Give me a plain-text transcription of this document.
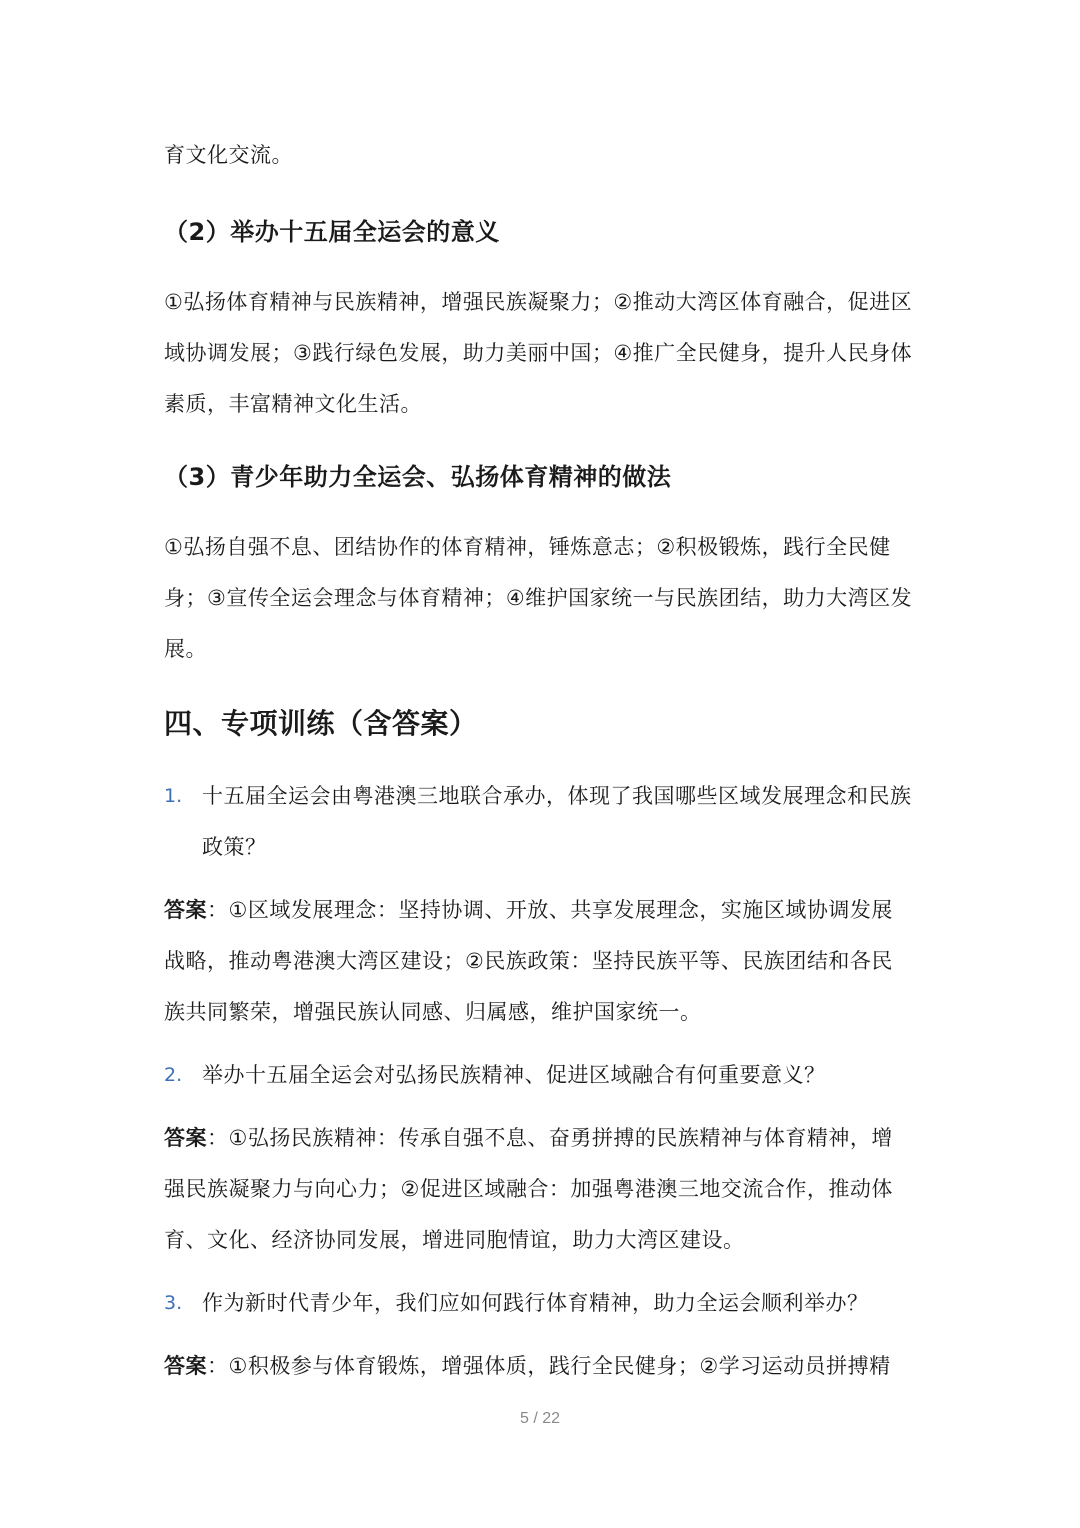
育文化交流。

（2）举办十五届全运会的意义

①弘扬体育精神与民族精神，增强民族凝聚力；②推动大湾区体育融合，促进区域协调发展；③践行绿色发展，助力美丽中国；④推广全民健身，提升人民身体素质，丰富精神文化生活。

（3）青少年助力全运会、弘扬体育精神的做法

①弘扬自强不息、团结协作的体育精神，锤炼意志；②积极锻炼，践行全民健身；③宣传全运会理念与体育精神；④维护国家统一与民族团结，助力大湾区发展。

四、专项训练（含答案）
1. 十五届全运会由粤港澳三地联合承办，体现了我国哪些区域发展理念和民族政策？

答案：①区域发展理念：坚持协调、开放、共享发展理念，实施区域协调发展战略，推动粤港澳大湾区建设；②民族政策：坚持民族平等、民族团结和各民族共同繁荣，增强民族认同感、归属感，维护国家统一。

2. 举办十五届全运会对弘扬民族精神、促进区域融合有何重要意义？

答案：①弘扬民族精神：传承自强不息、奋勇拼搏的民族精神与体育精神，增强民族凝聚力与向心力；②促进区域融合：加强粤港澳三地交流合作，推动体育、文化、经济协同发展，增进同胞情谊，助力大湾区建设。

3. 作为新时代青少年，我们应如何践行体育精神，助力全运会顺利举办？

答案：①积极参与体育锻炼，增强体质，践行全民健身；②学习运动员拼搏精

5 / 22
